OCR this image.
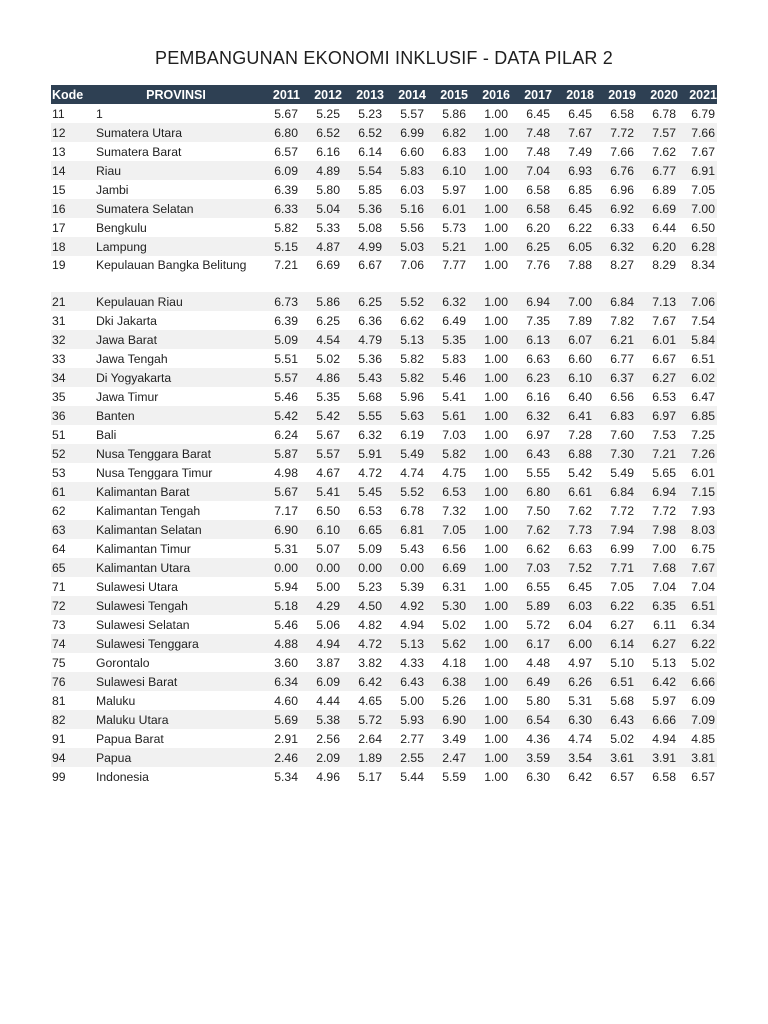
PEMBANGUNAN EKONOMI INKLUSIF - DATA PILAR 2
Kode	PROVINSI	2011	2012	2013	2014	2015	2016	2017	2018	2019	2020	2021
11	1	5.67	5.25	5.23	5.57	5.86	1.00	6.45	6.45	6.58	6.78	6.79
12	Sumatera Utara	6.80	6.52	6.52	6.99	6.82	1.00	7.48	7.67	7.72	7.57	7.66
13	Sumatera Barat	6.57	6.16	6.14	6.60	6.83	1.00	7.48	7.49	7.66	7.62	7.67
14	Riau	6.09	4.89	5.54	5.83	6.10	1.00	7.04	6.93	6.76	6.77	6.91
15	Jambi	6.39	5.80	5.85	6.03	5.97	1.00	6.58	6.85	6.96	6.89	7.05
16	Sumatera Selatan	6.33	5.04	5.36	5.16	6.01	1.00	6.58	6.45	6.92	6.69	7.00
17	Bengkulu	5.82	5.33	5.08	5.56	5.73	1.00	6.20	6.22	6.33	6.44	6.50
18	Lampung	5.15	4.87	4.99	5.03	5.21	1.00	6.25	6.05	6.32	6.20	6.28
19	Kepulauan Bangka Belitung	7.21	6.69	6.67	7.06	7.77	1.00	7.76	7.88	8.27	8.29	8.34
21	Kepulauan Riau	6.73	5.86	6.25	5.52	6.32	1.00	6.94	7.00	6.84	7.13	7.06
31	Dki Jakarta	6.39	6.25	6.36	6.62	6.49	1.00	7.35	7.89	7.82	7.67	7.54
32	Jawa Barat	5.09	4.54	4.79	5.13	5.35	1.00	6.13	6.07	6.21	6.01	5.84
33	Jawa Tengah	5.51	5.02	5.36	5.82	5.83	1.00	6.63	6.60	6.77	6.67	6.51
34	Di Yogyakarta	5.57	4.86	5.43	5.82	5.46	1.00	6.23	6.10	6.37	6.27	6.02
35	Jawa Timur	5.46	5.35	5.68	5.96	5.41	1.00	6.16	6.40	6.56	6.53	6.47
36	Banten	5.42	5.42	5.55	5.63	5.61	1.00	6.32	6.41	6.83	6.97	6.85
51	Bali	6.24	5.67	6.32	6.19	7.03	1.00	6.97	7.28	7.60	7.53	7.25
52	Nusa Tenggara Barat	5.87	5.57	5.91	5.49	5.82	1.00	6.43	6.88	7.30	7.21	7.26
53	Nusa Tenggara Timur	4.98	4.67	4.72	4.74	4.75	1.00	5.55	5.42	5.49	5.65	6.01
61	Kalimantan Barat	5.67	5.41	5.45	5.52	6.53	1.00	6.80	6.61	6.84	6.94	7.15
62	Kalimantan Tengah	7.17	6.50	6.53	6.78	7.32	1.00	7.50	7.62	7.72	7.72	7.93
63	Kalimantan Selatan	6.90	6.10	6.65	6.81	7.05	1.00	7.62	7.73	7.94	7.98	8.03
64	Kalimantan Timur	5.31	5.07	5.09	5.43	6.56	1.00	6.62	6.63	6.99	7.00	6.75
65	Kalimantan Utara	0.00	0.00	0.00	0.00	6.69	1.00	7.03	7.52	7.71	7.68	7.67
71	Sulawesi Utara	5.94	5.00	5.23	5.39	6.31	1.00	6.55	6.45	7.05	7.04	7.04
72	Sulawesi Tengah	5.18	4.29	4.50	4.92	5.30	1.00	5.89	6.03	6.22	6.35	6.51
73	Sulawesi Selatan	5.46	5.06	4.82	4.94	5.02	1.00	5.72	6.04	6.27	6.11	6.34
74	Sulawesi Tenggara	4.88	4.94	4.72	5.13	5.62	1.00	6.17	6.00	6.14	6.27	6.22
75	Gorontalo	3.60	3.87	3.82	4.33	4.18	1.00	4.48	4.97	5.10	5.13	5.02
76	Sulawesi Barat	6.34	6.09	6.42	6.43	6.38	1.00	6.49	6.26	6.51	6.42	6.66
81	Maluku	4.60	4.44	4.65	5.00	5.26	1.00	5.80	5.31	5.68	5.97	6.09
82	Maluku Utara	5.69	5.38	5.72	5.93	6.90	1.00	6.54	6.30	6.43	6.66	7.09
91	Papua Barat	2.91	2.56	2.64	2.77	3.49	1.00	4.36	4.74	5.02	4.94	4.85
94	Papua	2.46	2.09	1.89	2.55	2.47	1.00	3.59	3.54	3.61	3.91	3.81
99	Indonesia	5.34	4.96	5.17	5.44	5.59	1.00	6.30	6.42	6.57	6.58	6.57
